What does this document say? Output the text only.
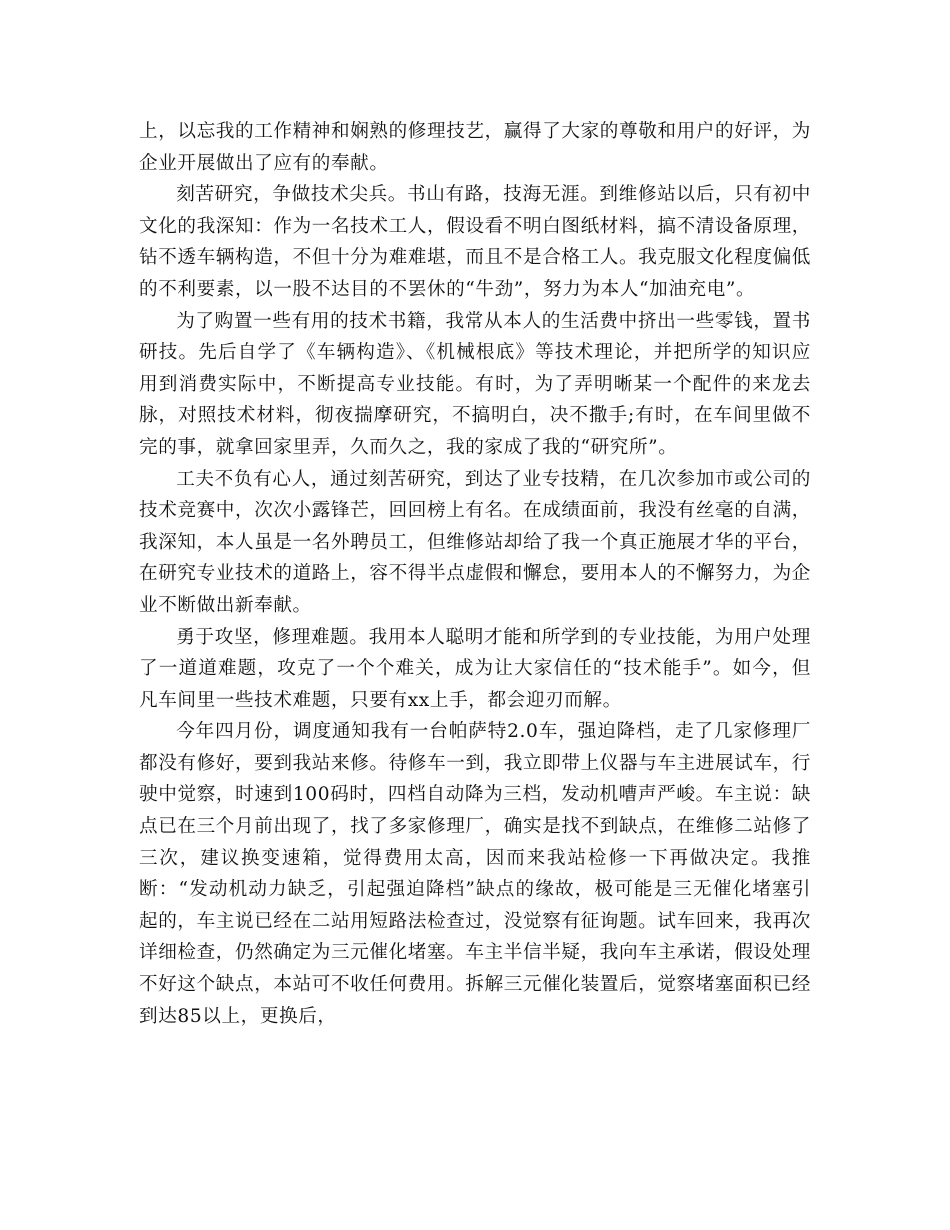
上，以忘我的工作精神和娴熟的修理技艺，赢得了大家的尊敬和用户的好评，为企业开展做出了应有的奉献。

刻苦研究，争做技术尖兵。书山有路，技海无涯。到维修站以后，只有初中文化的我深知：作为一名技术工人，假设看不明白图纸材料，搞不清设备原理，钻不透车辆构造，不但十分为难难堪，而且不是合格工人。我克服文化程度偏低的不利要素，以一股不达目的不罢休的“牛劲”，努力为本人“加油充电”。

为了购置一些有用的技术书籍，我常从本人的生活费中挤出一些零钱，置书研技。先后自学了《车辆构造》、《机械根底》等技术理论，并把所学的知识应用到消费实际中，不断提高专业技能。有时，为了弄明晰某一个配件的来龙去脉，对照技术材料，彻夜揣摩研究，不搞明白，决不撒手;有时，在车间里做不完的事，就拿回家里弄，久而久之，我的家成了我的“研究所”。

工夫不负有心人，通过刻苦研究，到达了业专技精，在几次参加市或公司的技术竞赛中，次次小露锋芒，回回榜上有名。在成绩面前，我没有丝毫的自满，我深知，本人虽是一名外聘员工，但维修站却给了我一个真正施展才华的平台，在研究专业技术的道路上，容不得半点虚假和懈怠，要用本人的不懈努力，为企业不断做出新奉献。

勇于攻坚，修理难题。我用本人聪明才能和所学到的专业技能，为用户处理了一道道难题，攻克了一个个难关，成为让大家信任的“技术能手”。如今，但凡车间里一些技术难题，只要有xx上手，都会迎刃而解。

今年四月份，调度通知我有一台帕萨特2.0车，强迫降档，走了几家修理厂都没有修好，要到我站来修。待修车一到，我立即带上仪器与车主进展试车，行驶中觉察，时速到100码时，四档自动降为三档，发动机嘈声严峻。车主说：缺点已在三个月前出现了，找了多家修理厂，确实是找不到缺点，在维修二站修了三次，建议换变速箱，觉得费用太高，因而来我站检修一下再做决定。我推断：“发动机动力缺乏，引起强迫降档”缺点的缘故，极可能是三无催化堵塞引起的，车主说已经在二站用短路法检查过，没觉察有征询题。试车回来，我再次详细检查，仍然确定为三元催化堵塞。车主半信半疑，我向车主承诺，假设处理不好这个缺点，本站可不收任何费用。拆解三元催化装置后，觉察堵塞面积已经到达85以上，更换后，
